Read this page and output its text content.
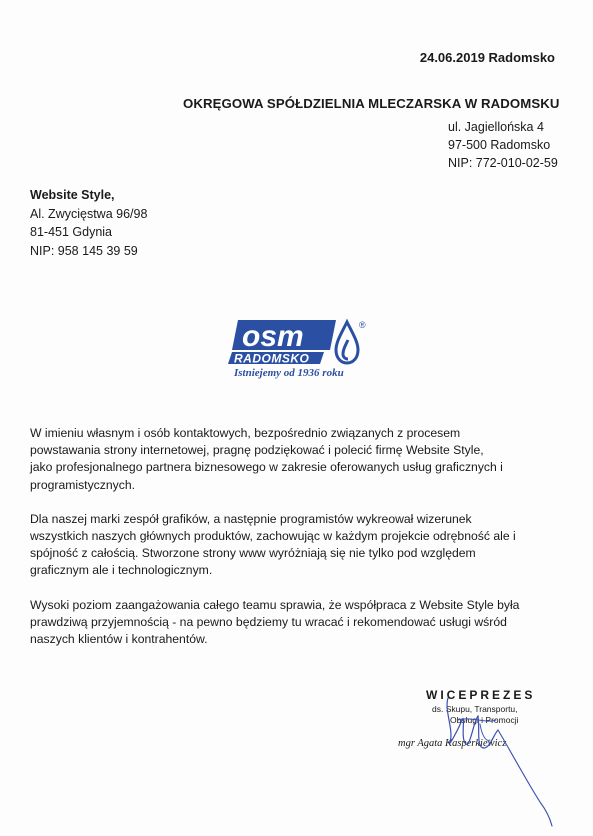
24.06.2019 Radomsko
OKRĘGOWA SPÓŁDZIELNIA MLECZARSKA W RADOMSKU
ul. Jagiellońska 4
97-500 Radomsko
NIP: 772-010-02-59
Website Style,
Al. Zwycięstwa 96/98
81-451 Gdynia
NIP: 958 145 39 59
osm
RADOMSKO
®
Istniejemy od 1936 roku

W imieniu własnym i osób kontaktowych, bezpośrednio związanych z procesem
powstawania strony internetowej, pragnę podziękować i polecić firmę Website Style,
jako profesjonalnego partnera biznesowego w zakresie oferowanych usług graficznych i
programistycznych.

Dla naszej marki zespół grafików, a następnie programistów wykreował wizerunek
wszystkich naszych głównych produktów, zachowując w każdym projekcie odrębność ale i
spójność z całością. Stworzone strony www wyróżniają się nie tylko pod względem
graficznym ale i technologicznym.

Wysoki poziom zaangażowania całego teamu sprawia, że współpraca z Website Style była
prawdziwą przyjemnością - na pewno będziemy tu wracać i rekomendować usługi wśród
naszych klientów i kontrahentów.

WICEPREZES
ds. Skupu, Transportu,
Obsługi i Promocji
mgr Agata Kasperkiewicz
